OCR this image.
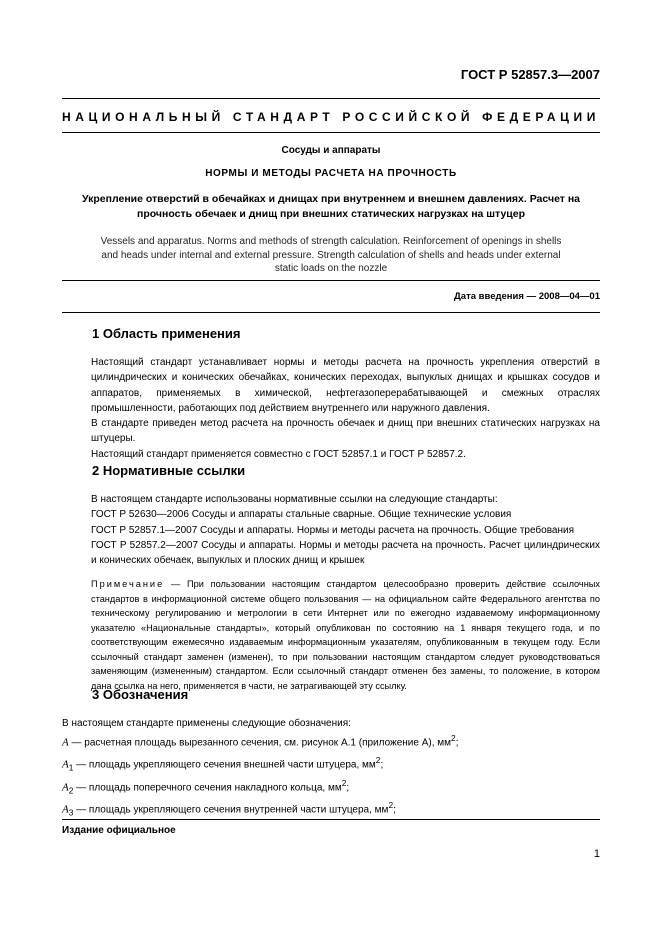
ГОСТ Р 52857.3—2007
НАЦИОНАЛЬНЫЙ СТАНДАРТ РОССИЙСКОЙ ФЕДЕРАЦИИ
Сосуды и аппараты
НОРМЫ И МЕТОДЫ РАСЧЕТА НА ПРОЧНОСТЬ
Укрепление отверстий в обечайках и днищах при внутреннем и внешнем давлениях. Расчет на
прочность обечаек и днищ при внешних статических нагрузках на штуцер
Vessels and apparatus. Norms and methods of strength calculation. Reinforcement of openings in shells
and heads under internal and external pressure. Strength calculation of shells and heads under external
static loads on the nozzle
Дата введения — 2008—04—01
1 Область применения
Настоящий стандарт устанавливает нормы и методы расчета на прочность укрепления отверстий в цилиндрических и конических обечайках, конических переходах, выпуклых днищах и крышках сосудов и аппаратов, применяемых в химической, нефтегазоперерабатывающей и смежных отраслях промышленности, работающих под действием внутреннего или наружного давления.
В стандарте приведен метод расчета на прочность обечаек и днищ при внешних статических нагрузках на штуцеры.
Настоящий стандарт применяется совместно с ГОСТ 52857.1 и ГОСТ Р 52857.2.
2 Нормативные ссылки
В настоящем стандарте использованы нормативные ссылки на следующие стандарты:
ГОСТ Р 52630—2006 Сосуды и аппараты стальные сварные. Общие технические условия
ГОСТ Р 52857.1—2007 Сосуды и аппараты. Нормы и методы расчета на прочность. Общие требования
ГОСТ Р 52857.2—2007 Сосуды и аппараты. Нормы и методы расчета на прочность. Расчет цилиндрических и конических обечаек, выпуклых и плоских днищ и крышек
Примечание — При пользовании настоящим стандартом целесообразно проверить действие ссылочных стандартов в информационной системе общего пользования — на официальном сайте Федерального агентства по техническому регулированию и метрологии в сети Интернет или по ежегодно издаваемому информационному указателю «Национальные стандарты», который опубликован по состоянию на 1 января текущего года, и по соответствующим ежемесячно издаваемым информационным указателям, опубликованным в текущем году. Если ссылочный стандарт заменен (изменен), то при пользовании настоящим стандартом следует руководствоваться заменяющим (измененным) стандартом. Если ссылочный стандарт отменен без замены, то положение, в котором дана ссылка на него, применяется в части, не затрагивающей эту ссылку.
3 Обозначения
В настоящем стандарте применены следующие обозначения:
A — расчетная площадь вырезанного сечения, см. рисунок А.1 (приложение А), $мм^2$;
$A_1$ — площадь укрепляющего сечения внешней части штуцера, $мм^2$;
$A_2$ — площадь поперечного сечения накладного кольца, $мм^2$;
$A_3$ — площадь укрепляющего сечения внутренней части штуцера, $мм^2$;
Издание официальное
1
